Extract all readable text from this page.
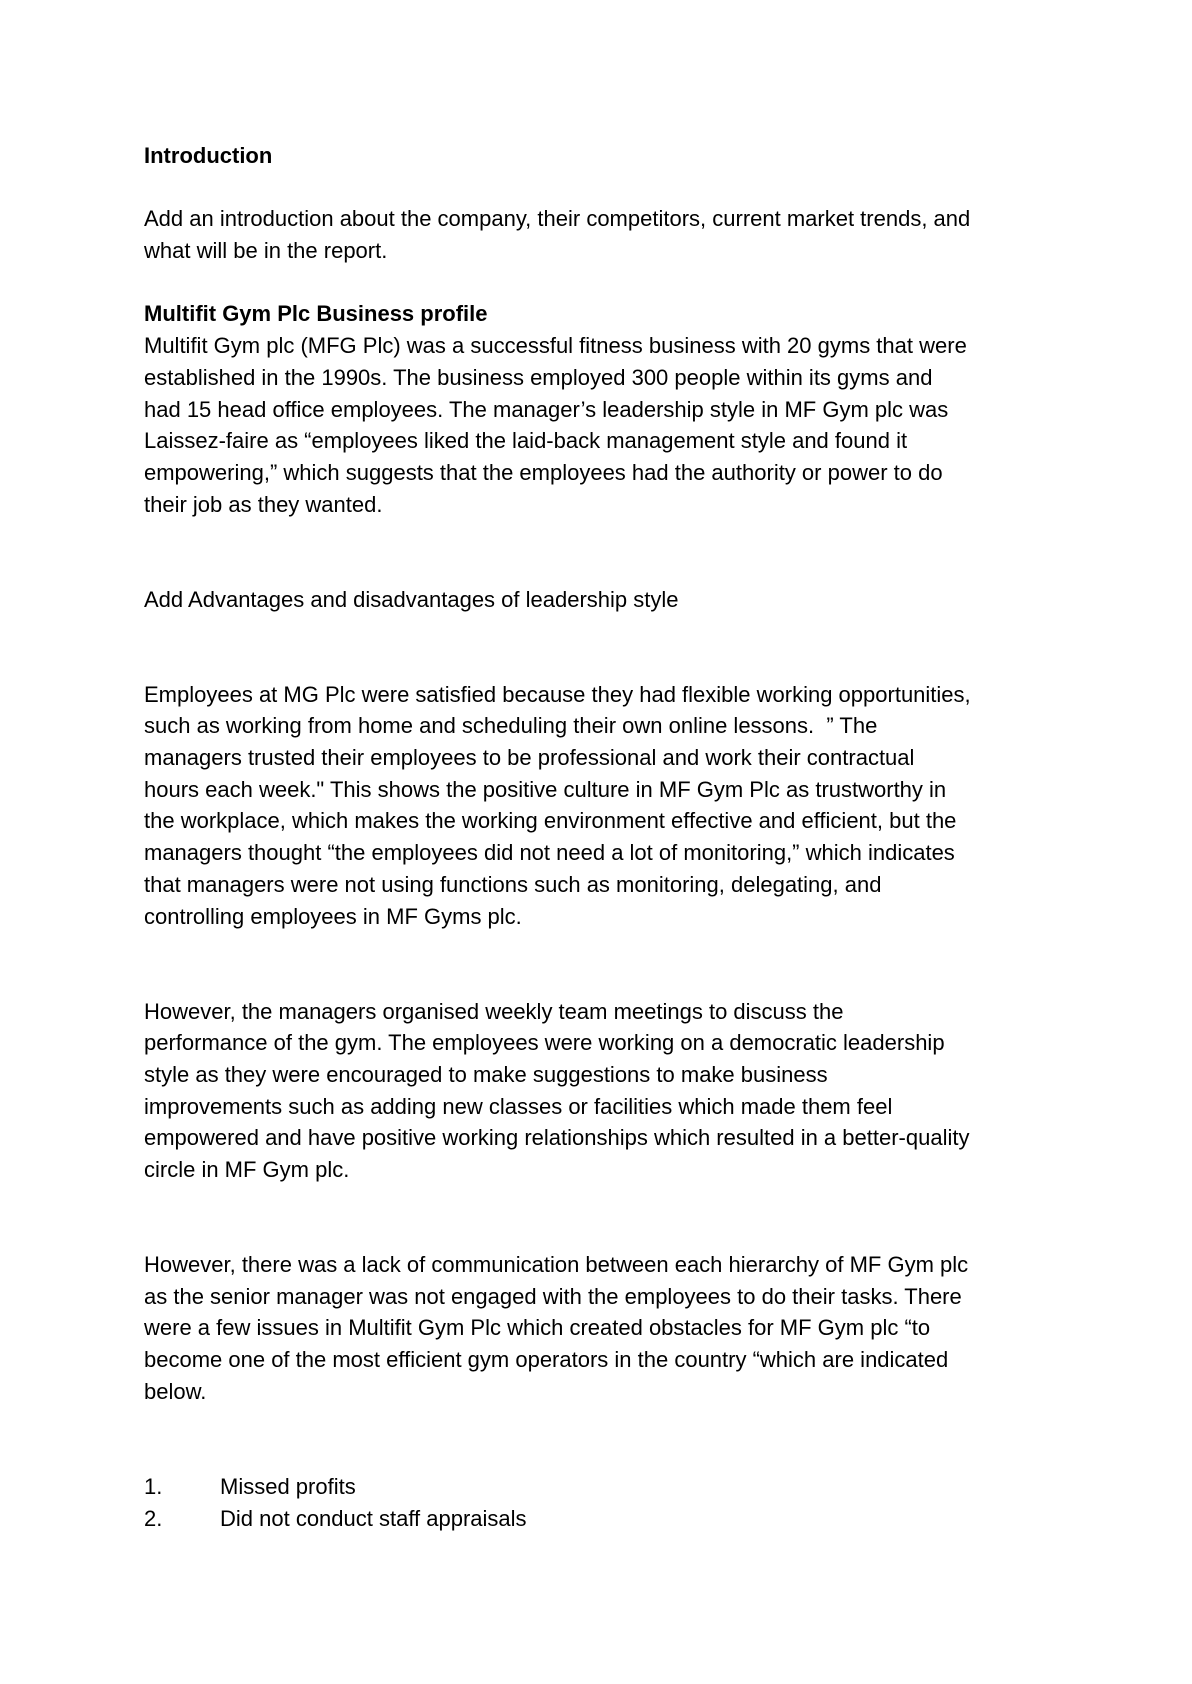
Introduction
Add an introduction about the company, their competitors, current market trends, and
what will be in the report.
Multifit Gym Plc Business profile
Multifit Gym plc (MFG Plc) was a successful fitness business with 20 gyms that were
established in the 1990s. The business employed 300 people within its gyms and
had 15 head office employees. The manager’s leadership style in MF Gym plc was
Laissez-faire as “employees liked the laid-back management style and found it
empowering,” which suggests that the employees had the authority or power to do
their job as they wanted.
Add Advantages and disadvantages of leadership style
Employees at MG Plc were satisfied because they had flexible working opportunities,
such as working from home and scheduling their own online lessons.  ” The
managers trusted their employees to be professional and work their contractual
hours each week." This shows the positive culture in MF Gym Plc as trustworthy in
the workplace, which makes the working environment effective and efficient, but the
managers thought “the employees did not need a lot of monitoring,” which indicates
that managers were not using functions such as monitoring, delegating, and
controlling employees in MF Gyms plc.
However, the managers organised weekly team meetings to discuss the
performance of the gym. The employees were working on a democratic leadership
style as they were encouraged to make suggestions to make business
improvements such as adding new classes or facilities which made them feel
empowered and have positive working relationships which resulted in a better-quality
circle in MF Gym plc.
However, there was a lack of communication between each hierarchy of MF Gym plc
as the senior manager was not engaged with the employees to do their tasks. There
were a few issues in Multifit Gym Plc which created obstacles for MF Gym plc “to
become one of the most efficient gym operators in the country “which are indicated
below.
1.	Missed profits
2.	Did not conduct staff appraisals
